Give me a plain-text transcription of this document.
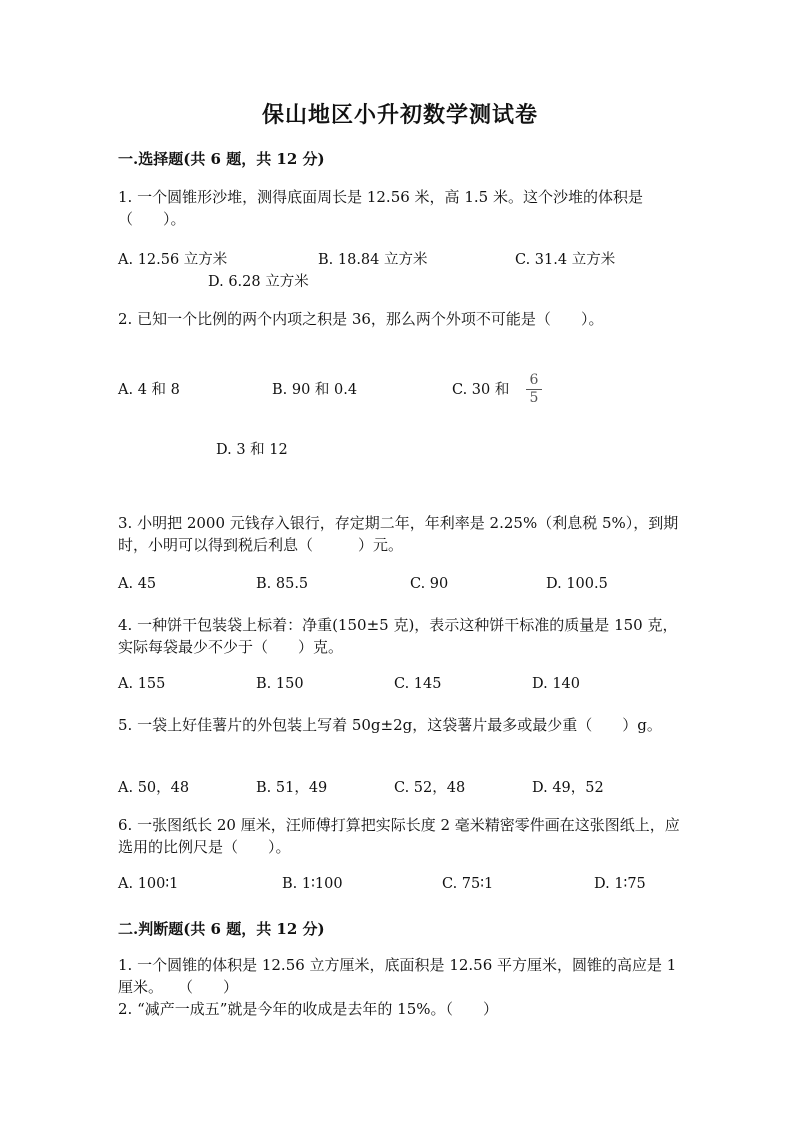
保山地区小升初数学测试卷
一.选择题(共 6 题，共 12 分)
1. 一个圆锥形沙堆，测得底面周长是 12.56 米，高 1.5 米。这个沙堆的体积是（　　）。
A. 12.56 立方米	B. 18.84 立方米	C. 31.4 立方米
D. 6.28 立方米
2. 已知一个比例的两个内项之积是 36，那么两个外项不可能是（　　）。
A. 4 和 8	B. 90 和 0.4	C. 30 和
6
5
D. 3 和 12
3. 小明把 2000 元钱存入银行，存定期二年，年利率是 2.25%（利息税 5%），到期时，小明可以得到税后利息（　　　）元。
A. 45	B. 85.5	C. 90	D. 100.5
4. 一种饼干包装袋上标着：净重(150±5 克)，表示这种饼干标准的质量是 150 克，实际每袋最少不少于（　　）克。
A. 155	B. 150	C. 145	D. 140
5. 一袋上好佳薯片的外包装上写着 50g±2g，这袋薯片最多或最少重（　　）g。
A. 50，48	B. 51，49	C. 52，48	D. 49，52
6. 一张图纸长 20 厘米，汪师傅打算把实际长度 2 毫米精密零件画在这张图纸上，应选用的比例尺是（　　）。
A. 100∶1	B. 1∶100	C. 75∶1	D. 1∶75
二.判断题(共 6 题，共 12 分)
1. 一个圆锥的体积是 12.56 立方厘米，底面积是 12.56 平方厘米，圆锥的高应是 1 厘米。　　（　　）
2. “减产一成五”就是今年的收成是去年的 15%。（　　）
